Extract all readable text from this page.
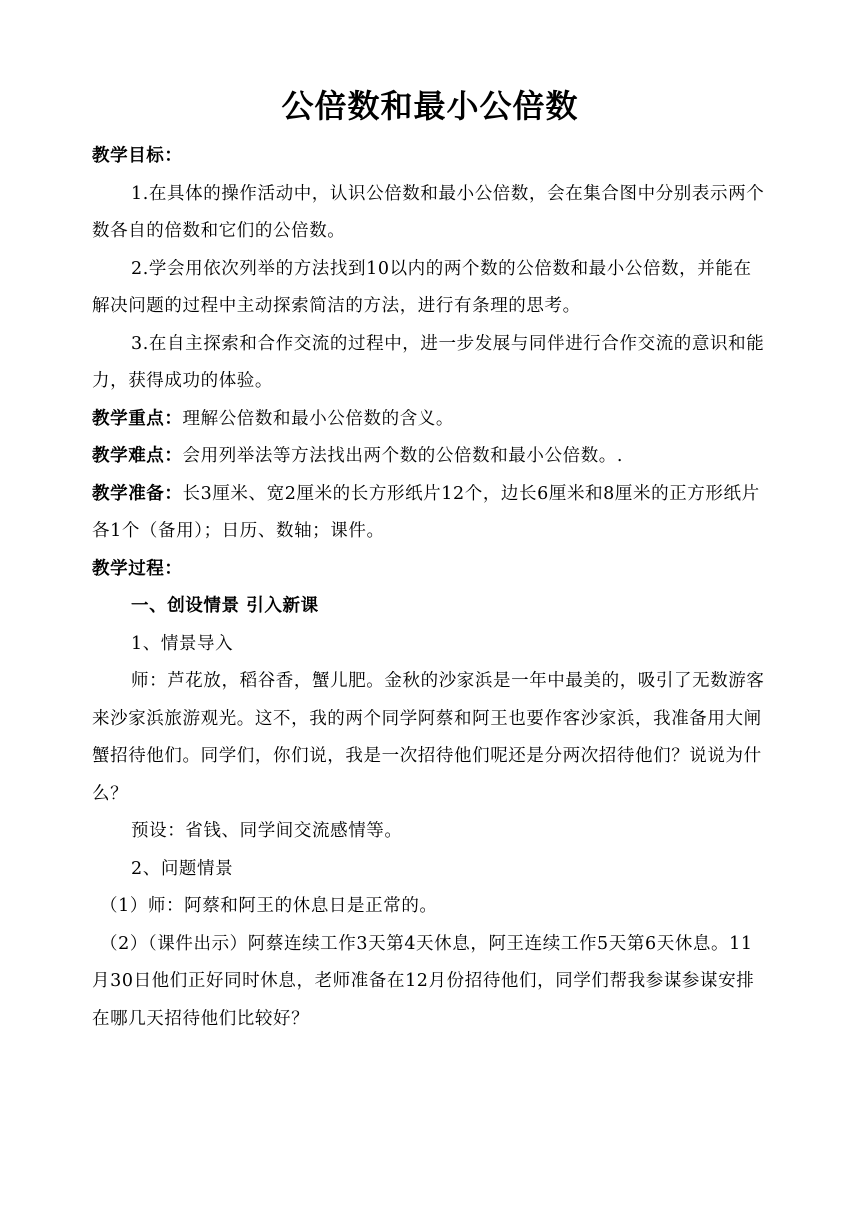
公倍数和最小公倍数

教学目标：

1.在具体的操作活动中，认识公倍数和最小公倍数，会在集合图中分别表示两个数各自的倍数和它们的公倍数。

2.学会用依次列举的方法找到10以内的两个数的公倍数和最小公倍数，并能在解决问题的过程中主动探索简洁的方法，进行有条理的思考。

3.在自主探索和合作交流的过程中，进一步发展与同伴进行合作交流的意识和能力，获得成功的体验。

教学重点：理解公倍数和最小公倍数的含义。

教学难点：会用列举法等方法找出两个数的公倍数和最小公倍数。.

教学准备：长3厘米、宽2厘米的长方形纸片12个，边长6厘米和8厘米的正方形纸片各1个（备用）；日历、数轴；课件。

教学过程：

一、创设情景 引入新课

1、情景导入

师：芦花放，稻谷香，蟹儿肥。金秋的沙家浜是一年中最美的，吸引了无数游客来沙家浜旅游观光。这不，我的两个同学阿蔡和阿王也要作客沙家浜，我准备用大闸蟹招待他们。同学们，你们说，我是一次招待他们呢还是分两次招待他们？说说为什么？

预设：省钱、同学间交流感情等。

2、问题情景

（1）师：阿蔡和阿王的休息日是正常的。

（2）（课件出示）阿蔡连续工作3天第4天休息，阿王连续工作5天第6天休息。11月30日他们正好同时休息，老师准备在12月份招待他们，同学们帮我参谋参谋安排在哪几天招待他们比较好？
